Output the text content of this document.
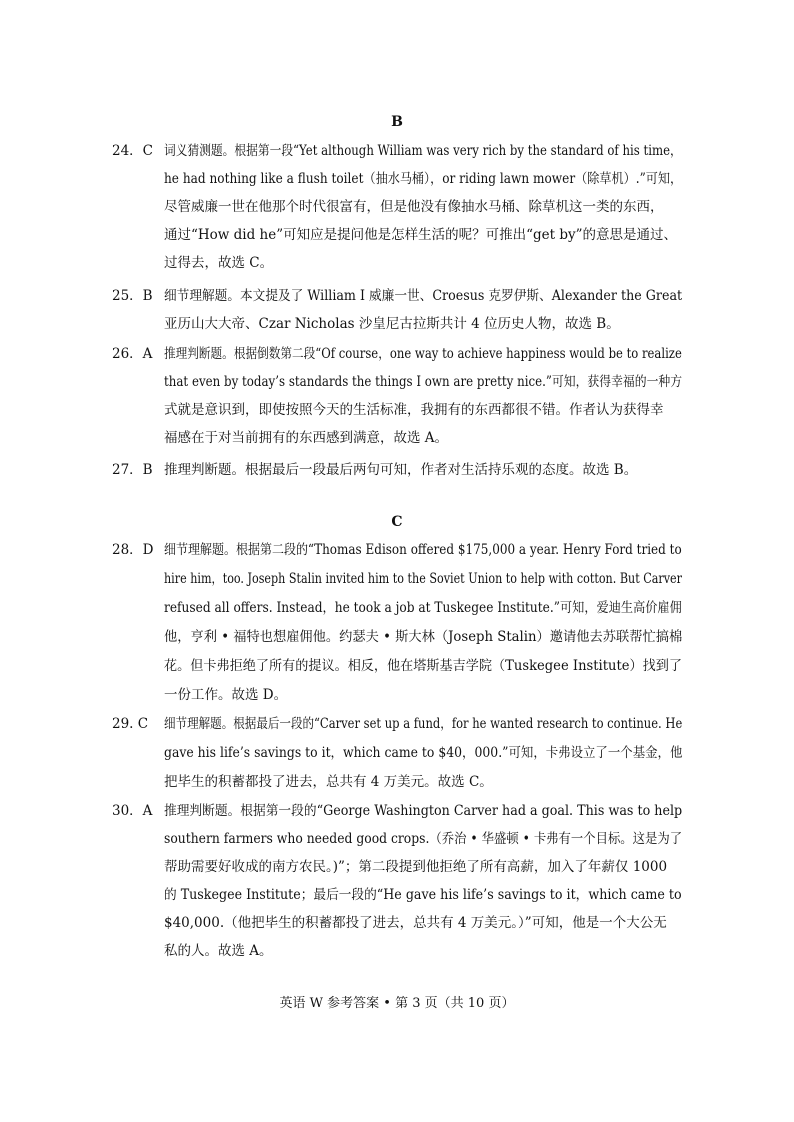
B
24．C 词义猜测题。根据第一段“Yet although William was very rich by the standard of his time，
he had nothing like a flush toilet（抽水马桶），or riding lawn mower（除草机）.”可知，
尽管威廉一世在他那个时代很富有，但是他没有像抽水马桶、除草机这一类的东西，
通过“How did he”可知应是提问他是怎样生活的呢？可推出“get by”的意思是通过、
过得去，故选 C。
25．B 细节理解题。本文提及了 William I 威廉一世、Croesus 克罗伊斯、Alexander the Great
亚历山大大帝、Czar Nicholas 沙皇尼古拉斯共计 4 位历史人物，故选 B。
26．A 推理判断题。根据倒数第二段“Of course，one way to achieve happiness would be to realize
that even by today’s standards the things I own are pretty nice.”可知，获得幸福的一种方
式就是意识到，即使按照今天的生活标准，我拥有的东西都很不错。作者认为获得幸
福感在于对当前拥有的东西感到满意，故选 A。
27．B 推理判断题。根据最后一段最后两句可知，作者对生活持乐观的态度。故选 B。
C
28．D 细节理解题。根据第二段的“Thomas Edison offered $175,000 a year. Henry Ford tried to
hire him，too. Joseph Stalin invited him to the Soviet Union to help with cotton. But Carver
refused all offers. Instead，he took a job at Tuskegee Institute.”可知，爱迪生高价雇佣
他，亨利 • 福特也想雇佣他。约瑟夫 • 斯大林（Joseph Stalin）邀请他去苏联帮忙搞棉
花。但卡弗拒绝了所有的提议。相反，他在塔斯基吉学院（Tuskegee Institute）找到了
一份工作。故选 D。
29. C 细节理解题。根据最后一段的“Carver set up a fund，for he wanted research to continue. He
gave his life’s savings to it，which came to $40，000.”可知，卡弗设立了一个基金，他
把毕生的积蓄都投了进去，总共有 4 万美元。故选 C。
30．A 推理判断题。根据第一段的“George Washington Carver had a goal. This was to help
southern farmers who needed good crops.（乔治 • 华盛顿 • 卡弗有一个目标。这是为了
帮助需要好收成的南方农民。)”；第二段提到他拒绝了所有高薪，加入了年薪仅 1000
的 Tuskegee Institute；最后一段的“He gave his life’s savings to it，which came to
$40,000.（他把毕生的积蓄都投了进去，总共有 4 万美元。）”可知，他是一个大公无
私的人。故选 A。
英语 W 参考答案 • 第 3 页（共 10 页）
